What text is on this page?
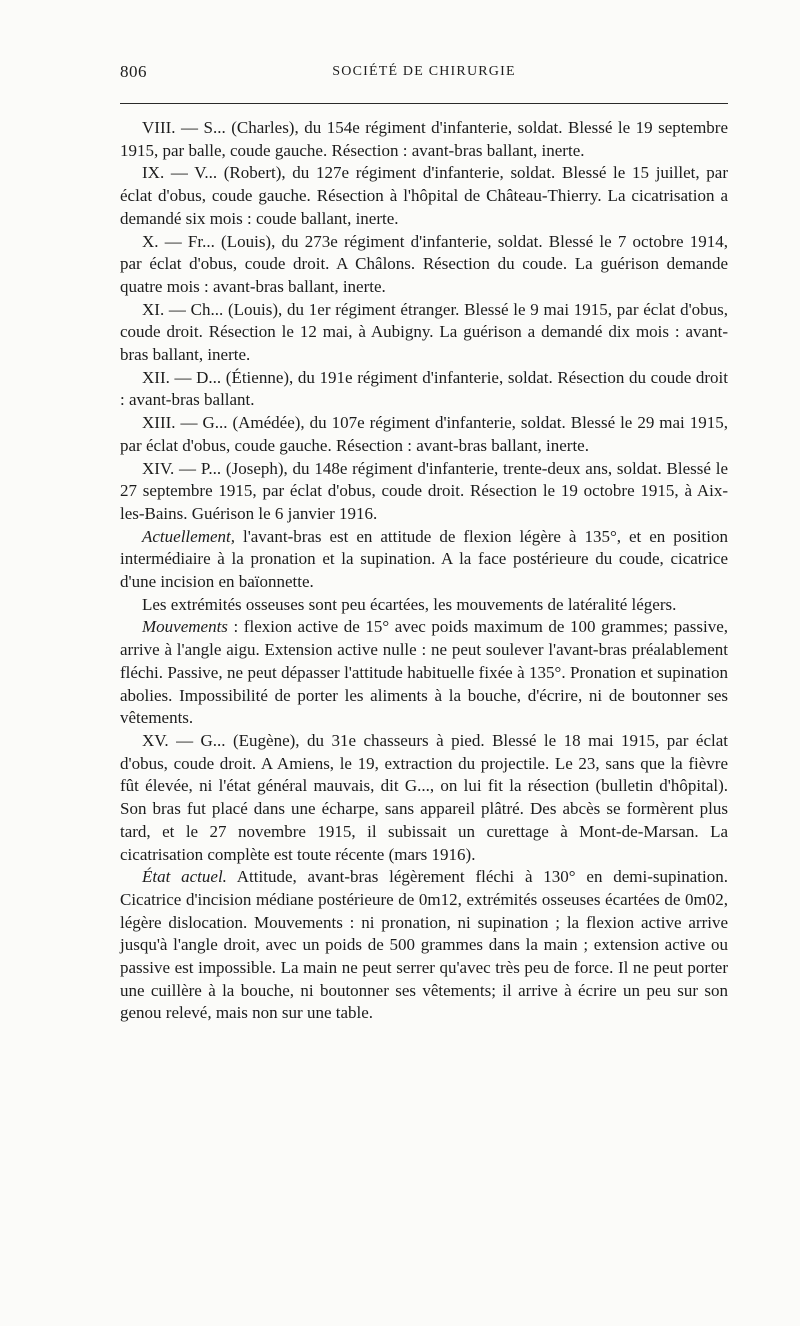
806	SOCIÉTÉ DE CHIRURGIE

VIII. — S... (Charles), du 154e régiment d'infanterie, soldat. Blessé le 19 septembre 1915, par balle, coude gauche. Résection : avant-bras ballant, inerte.

IX. — V... (Robert), du 127e régiment d'infanterie, soldat. Blessé le 15 juillet, par éclat d'obus, coude gauche. Résection à l'hôpital de Château-Thierry. La cicatrisation a demandé six mois : coude ballant, inerte.

X. — Fr... (Louis), du 273e régiment d'infanterie, soldat. Blessé le 7 octobre 1914, par éclat d'obus, coude droit. A Châlons. Résection du coude. La guérison demande quatre mois : avant-bras ballant, inerte.

XI. — Ch... (Louis), du 1er régiment étranger. Blessé le 9 mai 1915, par éclat d'obus, coude droit. Résection le 12 mai, à Aubigny. La guérison a demandé dix mois : avant-bras ballant, inerte.

XII. — D... (Étienne), du 191e régiment d'infanterie, soldat. Résection du coude droit : avant-bras ballant.

XIII. — G... (Amédée), du 107e régiment d'infanterie, soldat. Blessé le 29 mai 1915, par éclat d'obus, coude gauche. Résection : avant-bras ballant, inerte.

XIV. — P... (Joseph), du 148e régiment d'infanterie, trente-deux ans, soldat. Blessé le 27 septembre 1915, par éclat d'obus, coude droit. Résection le 19 octobre 1915, à Aix-les-Bains. Guérison le 6 janvier 1916.

Actuellement, l'avant-bras est en attitude de flexion légère à 135°, et en position intermédiaire à la pronation et la supination. A la face postérieure du coude, cicatrice d'une incision en baïonnette.

Les extrémités osseuses sont peu écartées, les mouvements de latéralité légers.

Mouvements : flexion active de 15° avec poids maximum de 100 grammes; passive, arrive à l'angle aigu. Extension active nulle : ne peut soulever l'avant-bras préalablement fléchi. Passive, ne peut dépasser l'attitude habituelle fixée à 135°. Pronation et supination abolies. Impossibilité de porter les aliments à la bouche, d'écrire, ni de boutonner ses vêtements.

XV. — G... (Eugène), du 31e chasseurs à pied. Blessé le 18 mai 1915, par éclat d'obus, coude droit. A Amiens, le 19, extraction du projectile. Le 23, sans que la fièvre fût élevée, ni l'état général mauvais, dit G..., on lui fit la résection (bulletin d'hôpital). Son bras fut placé dans une écharpe, sans appareil plâtré. Des abcès se formèrent plus tard, et le 27 novembre 1915, il subissait un curettage à Mont-de-Marsan. La cicatrisation complète est toute récente (mars 1916).

État actuel. Attitude, avant-bras légèrement fléchi à 130° en demi-supination. Cicatrice d'incision médiane postérieure de 0m12, extrémités osseuses écartées de 0m02, légère dislocation. Mouvements : ni pronation, ni supination ; la flexion active arrive jusqu'à l'angle droit, avec un poids de 500 grammes dans la main ; extension active ou passive est impossible. La main ne peut serrer qu'avec très peu de force. Il ne peut porter une cuillère à la bouche, ni boutonner ses vêtements; il arrive à écrire un peu sur son genou relevé, mais non sur une table.
